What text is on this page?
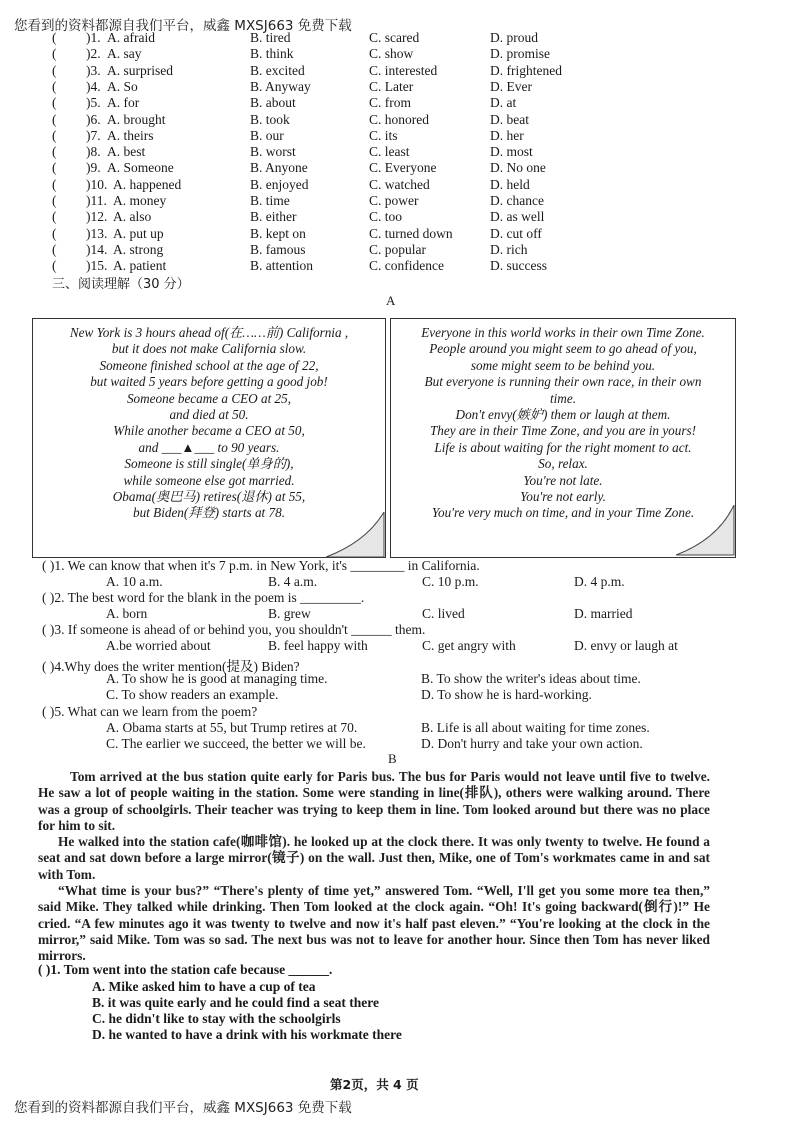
您看到的资料都源自我们平台，威鑫 MXSJ663 免费下载
( )1. A. afraid	B. tired	C. scared	D. proud
( )2. A. say	B. think	C. show	D. promise
( )3. A. surprised	B. excited	C. interested	D. frightened
( )4. A. So	B. Anyway	C. Later	D. Ever
( )5. A. for	B. about	C. from	D. at
( )6. A. brought	B. took	C. honored	D. beat
( )7. A. theirs	B. our	C. its	D. her
( )8. A. best	B. worst	C. least	D. most
( )9. A. Someone	B. Anyone	C. Everyone	D. No one
( )10. A. happened	B. enjoyed	C. watched	D. held
( )11. A. money	B. time	C. power	D. chance
( )12. A. also	B. either	C. too	D. as well
( )13. A. put up	B. kept on	C. turned down	D. cut off
( )14. A. strong	B. famous	C. popular	D. rich
( )15. A. patient	B. attention	C. confidence	D. success
三、阅读理解（30 分）
A
New York is 3 hours ahead of(在……前) California ,
but it does not make California slow.
Someone finished school at the age of 22,
but waited 5 years before getting a good job!
Someone became a CEO at 25,
and died at 50.
While another became a CEO at 50,
and ___▲___ to 90 years.
Someone is still single(单身的),
while someone else got married.
Obama(奥巴马) retires(退休) at 55,
but Biden(拜登) starts at 78.
Everyone in this world works in their own Time Zone.
People around you might seem to go ahead of you,
some might seem to be behind you.
But everyone is running their own race, in their own
time.
Don't envy(嫉妒) them or laugh at them.
They are in their Time Zone, and you are in yours!
Life is about waiting for the right moment to act.
So, relax.
You're not late.
You're not early.
You're very much on time, and in your Time Zone.
( )1. We can know that when it's 7 p.m. in New York, it's ________ in California.
A. 10 a.m.	B. 4 a.m.	C. 10 p.m.	D. 4 p.m.
( )2. The best word for the blank in the poem is _________.
A. born	B. grew	C. lived	D. married
( )3. If someone is ahead of or behind you, you shouldn't ______ them.
A.be worried about	B. feel happy with	C. get angry with	D. envy or laugh at
( )4.Why does the writer mention(提及) Biden?
A. To show he is good at managing time.	B. To show the writer's ideas about time.
C. To show readers an example.	D. To show he is hard-working.
( )5. What can we learn from the poem?
A. Obama starts at 55, but Trump retires at 70.	B. Life is all about waiting for time zones.
C. The earlier we succeed, the better we will be.	D. Don't hurry and take your own action.
B

Tom arrived at the bus station quite early for Paris bus. The bus for Paris would not leave until five to twelve. He saw a lot of people waiting in the station. Some were standing in line(排队), others were walking around. There was a group of schoolgirls. Their teacher was trying to keep them in line. Tom looked around but there was no place for him to sit.

He walked into the station cafe(咖啡馆). he looked up at the clock there. It was only twenty to twelve. He found a seat and sat down before a large mirror(镜子) on the wall. Just then, Mike, one of Tom's workmates came in and sat with Tom.

“What time is your bus?” “There's plenty of time yet,” answered Tom. “Well, I'll get you some more tea then,” said Mike. They talked while drinking. Then Tom looked at the clock again. “Oh! It's going backward(倒行)!” He cried. “A few minutes ago it was twenty to twelve and now it's half past eleven.” “You're looking at the clock in the mirror,” said Mike. Tom was so sad. The next bus was not to leave for another hour. Since then Tom has never liked mirrors.

( )1. Tom went into the station cafe because ______.
A. Mike asked him to have a cup of tea
B. it was quite early and he could find a seat there
C. he didn't like to stay with the schoolgirls
D. he wanted to have a drink with his workmate there
第2页，共 4 页
您看到的资料都源自我们平台，威鑫 MXSJ663 免费下载
